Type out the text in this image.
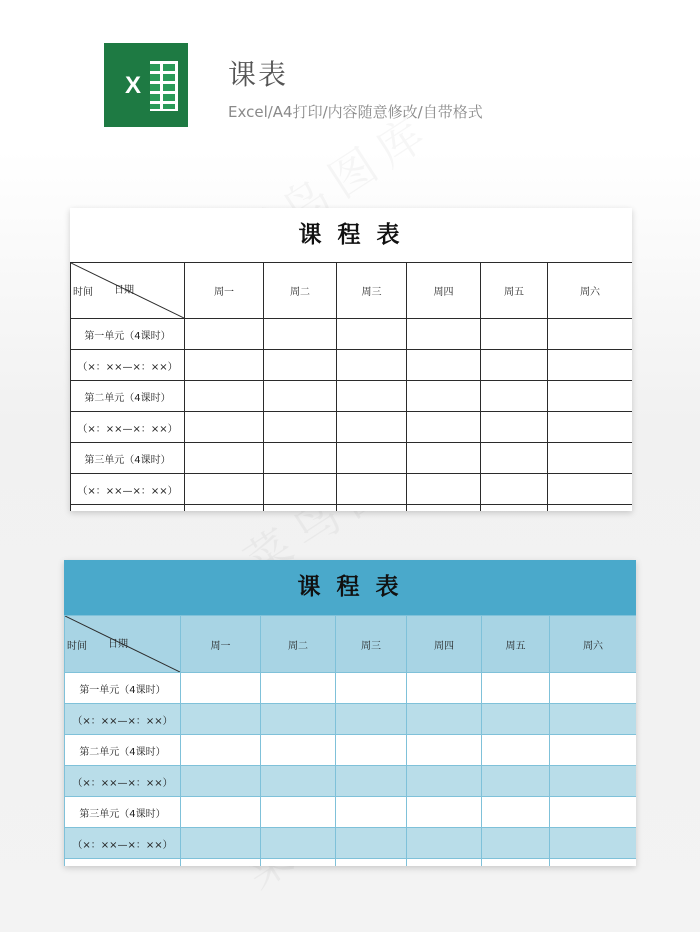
X	课表
Excel/A4打印/内容随意修改/自带格式
课 程 表
时间 日期	周一	周二	周三	周四	周五	周六
第一单元（4课时）						
（×：××—×：××）						
第二单元（4课时）						
（×：××—×：××）						
第三单元（4课时）						
（×：××—×：××）						

课 程 表
时间 日期	周一	周二	周三	周四	周五	周六
第一单元（4课时）						
（×：××—×：××）						
第二单元（4课时）						
（×：××—×：××）						
第三单元（4课时）						
（×：××—×：××）						
